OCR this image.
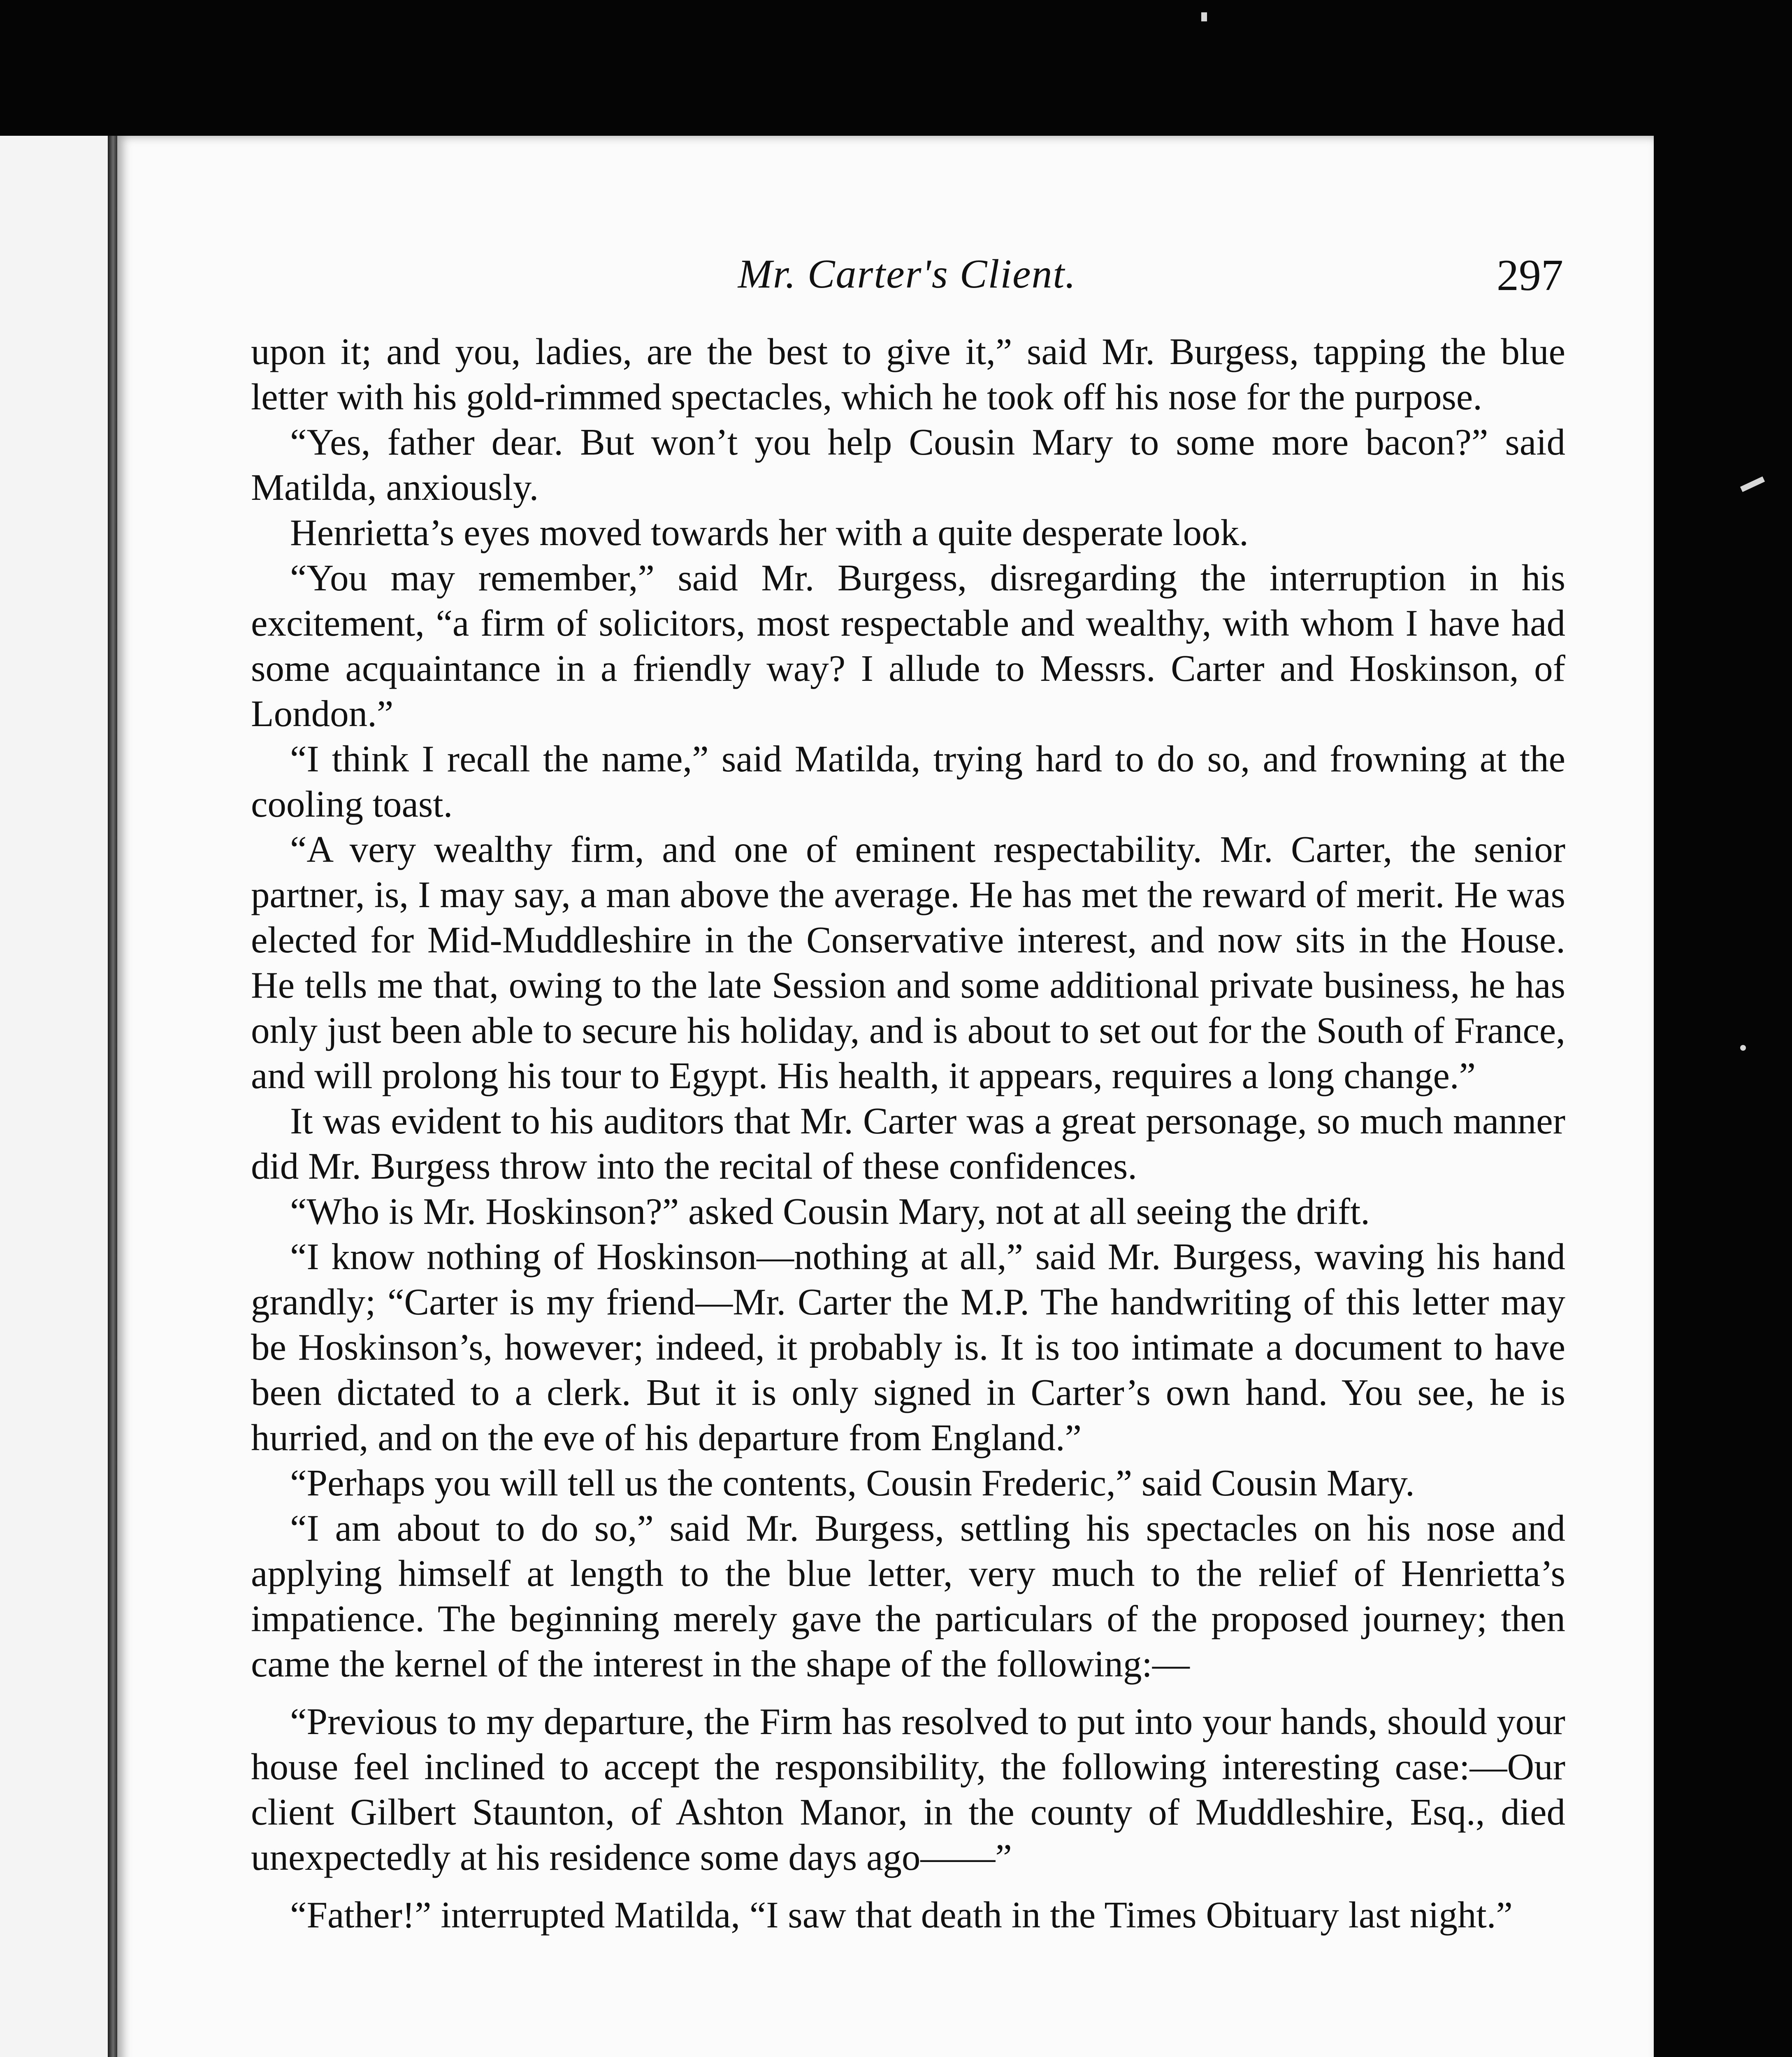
Mr. Carter's Client.	297

upon it; and you, ladies, are the best to give it,” said Mr. Burgess, tapping the blue letter with his gold-rimmed spectacles, which he took off his nose for the purpose.

“Yes, father dear. But won’t you help Cousin Mary to some more bacon?” said Matilda, anxiously.

Henrietta’s eyes moved towards her with a quite desperate look.

“You may remember,” said Mr. Burgess, disregarding the interruption in his excitement, “a firm of solicitors, most respectable and wealthy, with whom I have had some acquaintance in a friendly way? I allude to Messrs. Carter and Hoskinson, of London.”

“I think I recall the name,” said Matilda, trying hard to do so, and frowning at the cooling toast.

“A very wealthy firm, and one of eminent respectability. Mr. Carter, the senior partner, is, I may say, a man above the average. He has met the reward of merit. He was elected for Mid-Muddleshire in the Conservative interest, and now sits in the House. He tells me that, owing to the late Session and some additional private business, he has only just been able to secure his holiday, and is about to set out for the South of France, and will prolong his tour to Egypt. His health, it appears, requires a long change.”

It was evident to his auditors that Mr. Carter was a great personage, so much manner did Mr. Burgess throw into the recital of these confidences.

“Who is Mr. Hoskinson?” asked Cousin Mary, not at all seeing the drift.

“I know nothing of Hoskinson—nothing at all,” said Mr. Burgess, waving his hand grandly; “Carter is my friend—Mr. Carter the M.P. The handwriting of this letter may be Hoskinson’s, however; indeed, it probably is. It is too intimate a document to have been dictated to a clerk. But it is only signed in Carter’s own hand. You see, he is hurried, and on the eve of his departure from England.”

“Perhaps you will tell us the contents, Cousin Frederic,” said Cousin Mary.

“I am about to do so,” said Mr. Burgess, settling his spectacles on his nose and applying himself at length to the blue letter, very much to the relief of Henrietta’s impatience. The beginning merely gave the particulars of the proposed journey; then came the kernel of the interest in the shape of the following:—

“Previous to my departure, the Firm has resolved to put into your hands, should your house feel inclined to accept the responsibility, the following interesting case:—Our client Gilbert Staunton, of Ashton Manor, in the county of Muddleshire, Esq., died unexpectedly at his residence some days ago——”

“Father!” interrupted Matilda, “I saw that death in the Times Obituary last night.”
